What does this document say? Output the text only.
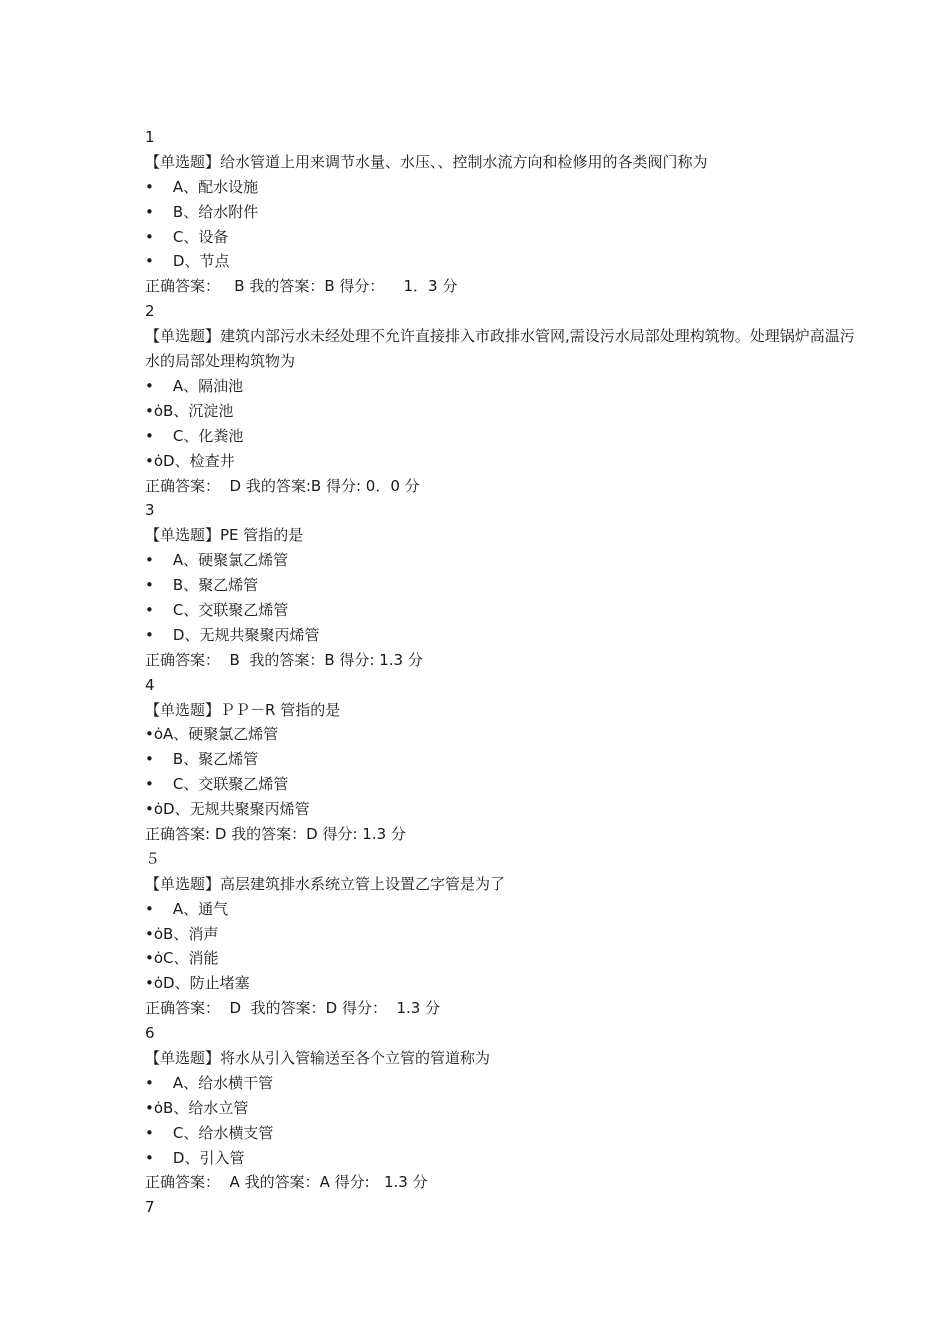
1
【单选题】给水管道上用来调节水量、水压、、控制水流方向和检修用的各类阀门称为
•    A、配水设施
•    B、给水附件
•    C、设备
•    D、节点
正确答案：   B 我的答案：B 得分：    1．3 分
2
【单选题】建筑内部污水未经处理不允许直接排入市政排水管网,需设污水局部处理构筑物。处理锅炉高温污水的局部处理构筑物为
•    A、隔油池
•ȯB、沉淀池
•    C、化粪池
•ȯD、检查井
正确答案：  D 我的答案:B 得分: 0．0 分
3
【单选题】PE 管指的是
•    A、硬聚氯乙烯管
•    B、聚乙烯管
•    C、交联聚乙烯管
•    D、无规共聚聚丙烯管
正确答案：  B  我的答案：B 得分: 1.3 分
4
【单选题】ＰＰ－R 管指的是
•ȯA、硬聚氯乙烯管
•    B、聚乙烯管
•    C、交联聚乙烯管
•ȯD、无规共聚聚丙烯管
正确答案: D 我的答案：D 得分: 1.3 分
５
【单选题】高层建筑排水系统立管上设置乙字管是为了
•    A、通气
•ȯB、消声
•ȯC、消能
•ȯD、防止堵塞
正确答案：  D  我的答案：D 得分：  1.3 分
6
【单选题】将水从引入管输送至各个立管的管道称为
•    A、给水横干管
•ȯB、给水立管
•    C、给水横支管
•    D、引入管
正确答案：  A 我的答案：A 得分:   1.3 分
7
